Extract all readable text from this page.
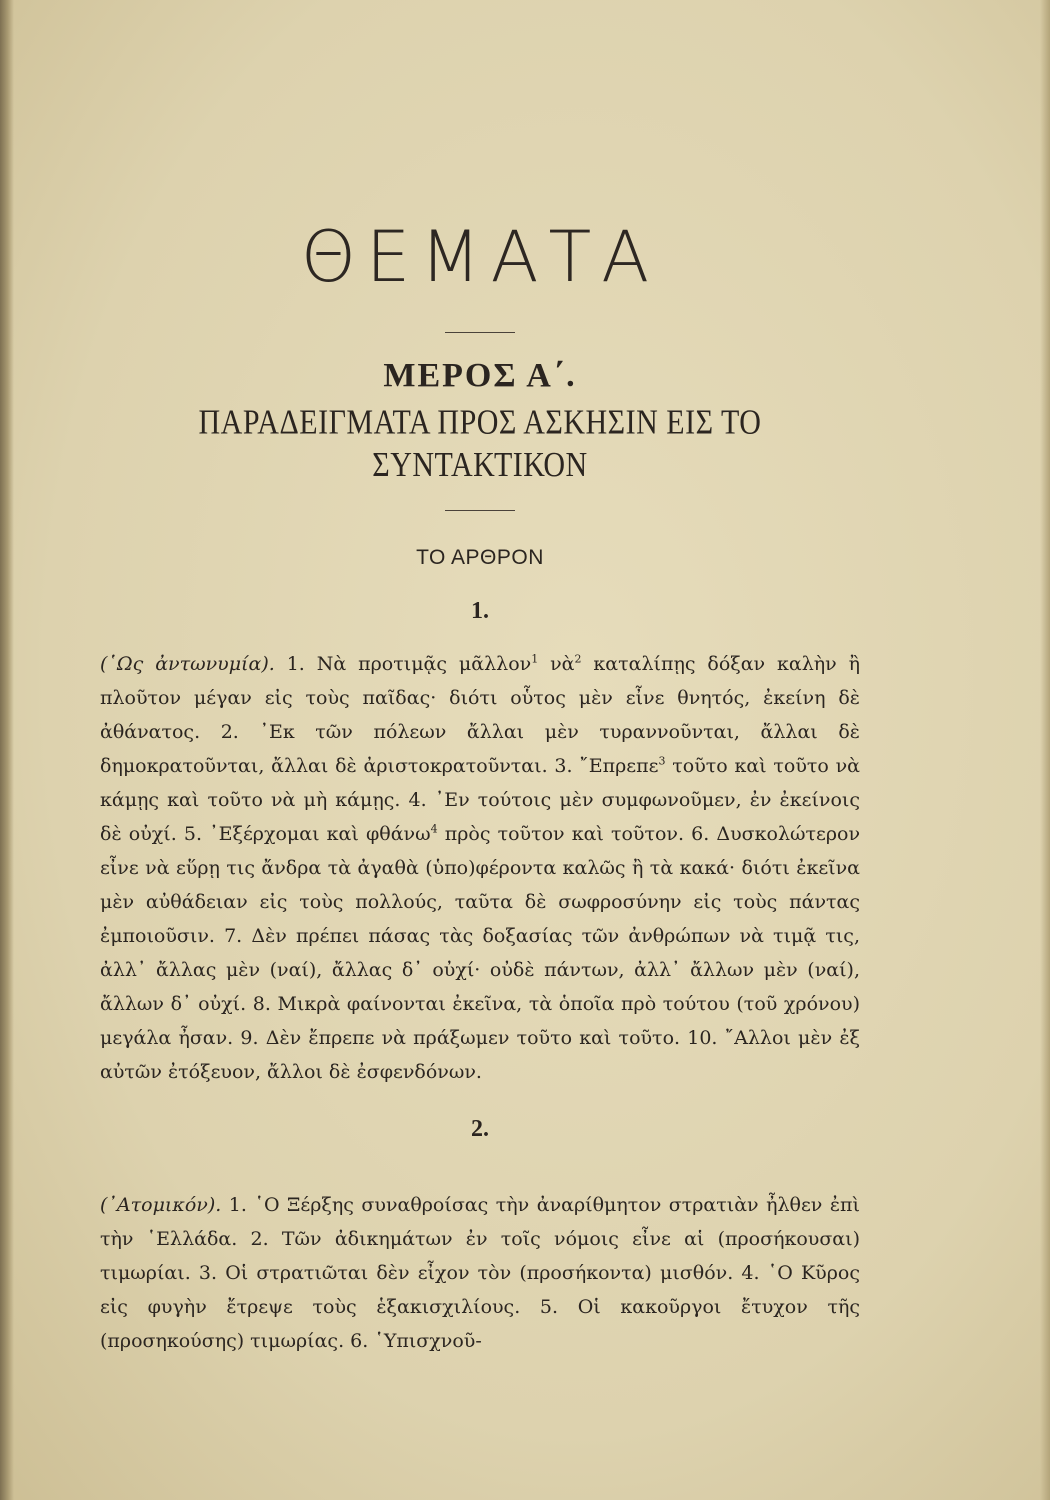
ΘΕΜΑΤΑ
ΜΕΡΟΣ Α΄.
ΠΑΡΑΔΕΙΓΜΑΤΑ ΠΡΟΣ ΑΣΚΗΣΙΝ ΕΙΣ ΤΟ ΣΥΝΤΑΚΤΙΚΟΝ
ΤΟ ΑΡΘΡΟΝ
1.

(῾Ως ἀντωνυμία). 1. Νὰ προτιμᾷς μᾶλλον$^1$ νὰ$^2$ καταλίπῃς δόξαν καλὴν ἢ πλοῦτον μέγαν εἰς τοὺς παῖδας· διότι οὗτος μὲν εἶνε θνητός, ἐκείνη δὲ ἀθάνατος. 2. ᾿Εκ τῶν πόλεων ἄλλαι μὲν τυραννοῦνται, ἄλλαι δὲ δημοκρατοῦνται, ἄλλαι δὲ ἀριστοκρατοῦνται. 3. ῎Επρεπε$^3$ τοῦτο καὶ τοῦτο νὰ κάμῃς καὶ τοῦτο νὰ μὴ κάμῃς. 4. ᾿Εν τούτοις μὲν συμφωνοῦμεν, ἐν ἐκείνοις δὲ οὐχί. 5. ᾿Εξέρχομαι καὶ φθάνω$^4$ πρὸς τοῦτον καὶ τοῦτον. 6. Δυσκολώτερον εἶνε νὰ εὕρῃ τις ἄνδρα τὰ ἀγαθὰ (ὑπο)φέροντα καλῶς ἢ τὰ κακά· διότι ἐκεῖνα μὲν αὐθάδειαν εἰς τοὺς πολλούς, ταῦτα δὲ σωφροσύνην εἰς τοὺς πάντας ἐμποιοῦσιν. 7. Δὲν πρέπει πάσας τὰς δοξασίας τῶν ἀνθρώπων νὰ τιμᾷ τις, ἀλλ᾿ ἄλλας μὲν (ναί), ἄλλας δ᾿ οὐχί· οὐδὲ πάντων, ἀλλ᾿ ἄλλων μὲν (ναί), ἄλλων δ᾿ οὐχί. 8. Μικρὰ φαίνονται ἐκεῖνα, τὰ ὁποῖα πρὸ τούτου (τοῦ χρόνου) μεγάλα ἦσαν. 9. Δὲν ἔπρεπε νὰ πράξωμεν τοῦτο καὶ τοῦτο. 10. ῎Αλλοι μὲν ἐξ αὐτῶν ἐτόξευον, ἄλλοι δὲ ἐσφενδόνων.

2.

(᾿Ατομικόν). 1. ῾Ο Ξέρξης συναθροίσας τὴν ἀναρίθμητον στρατιὰν ἦλθεν ἐπὶ τὴν ῾Ελλάδα. 2. Τῶν ἀδικημάτων ἐν τοῖς νόμοις εἶνε αἱ (προσήκουσαι) τιμωρίαι. 3. Οἱ στρατιῶται δὲν εἶχον τὸν (προσήκοντα) μισθόν. 4. ῾Ο Κῦρος εἰς φυγὴν ἔτρεψε τοὺς ἑξακισχιλίους. 5. Οἱ κακοῦργοι ἔτυχον τῆς (προσηκούσης) τιμωρίας. 6. ῾Υπισχνοῦ-
